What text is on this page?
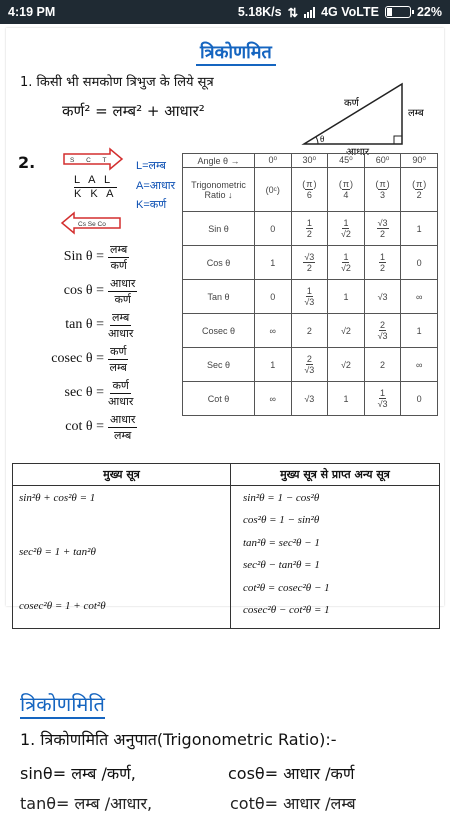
4:19 PM	5.18K/s ⇅ 4G VoLTE	22%
त्रिकोणमित
1. किसी भी समकोण त्रिभुज के लिये सूत्र
कर्ण² = लम्ब² + आधार²
θ
कर्ण
लम्ब
आधार
2.	S C T
Cs Se Co
L A L
K K A
L=लम्ब
A=आधार
K=कर्ण
Sin $\theta = \frac{\text{लम्ब}}{\text{कर्ण}}$
$\cos \theta = \frac{\text{आधार}}{\text{कर्ण}}$
$\tan \theta = \frac{\text{लम्ब}}{\text{आधार}}$
cosec $\theta = \frac{\text{कर्ण}}{\text{लम्ब}}$
$\sec \theta = \frac{\text{कर्ण}}{\text{आधार}}$
$\cot \theta = \frac{\text{आधार}}{\text{लम्ब}}$
Angle θ →	0⁰	30⁰	45⁰	60⁰	90⁰
Trigonometric Ratio ↓	(0ᶜ)	( $\frac{\pi}{6}$ )	( $\frac{\pi}{4}$ )	( $\frac{\pi}{3}$ )	( $\frac{\pi}{2}$ )
Sin θ	0	$\frac{1}{2}$	$\frac{1}{√2}$	$\frac{√3}{2}$	1
Cos θ	1	$\frac{√3}{2}$	$\frac{1}{√2}$	$\frac{1}{2}$	0
Tan θ	0	$\frac{1}{√3}$	1	√3	∞
Cosec θ	∞	2	√2	$\frac{2}{√3}$	1
Sec θ	1	$\frac{2}{√3}$	√2	2	∞
Cot θ	∞	√3	1	$\frac{1}{√3}$	0
मुख्य सूत्र
sin²θ + cos²θ = 1
sec²θ = 1 + tan²θ
cosec²θ = 1 + cot²θ
मुख्य सूत्र से प्राप्त अन्य सूत्र
sin²θ = 1 − cos²θ
cos²θ = 1 − sin²θ
tan²θ = sec²θ − 1
sec²θ − tan²θ = 1
cot²θ = cosec²θ − 1
cosec²θ − cot²θ = 1
त्रिकोणमिति
1. त्रिकोणमिति अनुपात(Trigonometric Ratio):-
sinθ= लम्ब /कर्ण,	cosθ= आधार /कर्ण
tanθ= लम्ब /आधार,	cotθ= आधार /लम्ब
